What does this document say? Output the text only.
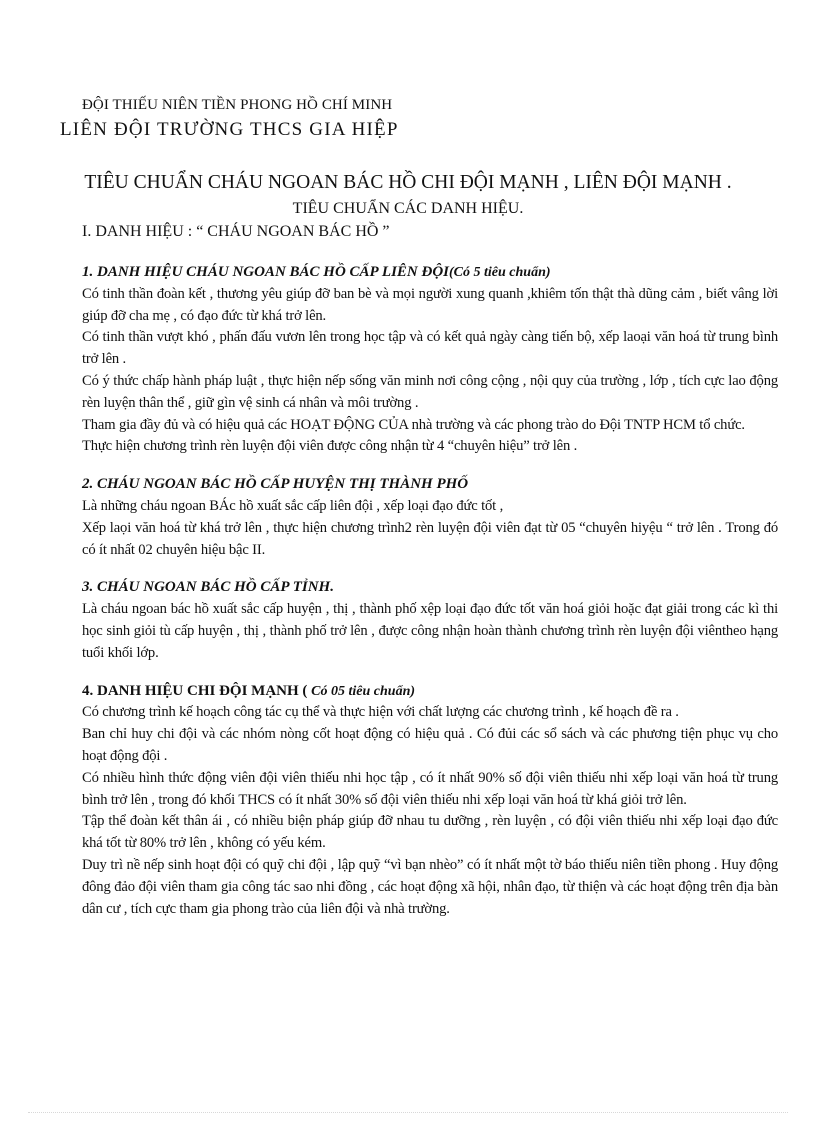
ĐỘI THIẾU NIÊN TIỀN PHONG HỒ CHÍ MINH
LIÊN ĐỘI TRƯỜNG THCS GIA HIỆP
TIÊU CHUẨN CHÁU NGOAN BÁC HỒ CHI ĐỘI MẠNH , LIÊN ĐỘI MẠNH .
TIÊU CHUẨN CÁC DANH HIỆU.
I. DANH HIỆU : “ CHÁU NGOAN BÁC HỒ ”

1. DANH HIỆU CHÁU NGOAN BÁC HỒ CẤP LIÊN ĐỘI(Có 5 tiêu chuẩn)

Có tinh thần đoàn kết , thương yêu giúp đỡ ban bè và mọi người xung quanh ,khiêm tốn thật thà dũng cảm , biết vâng lời giúp đỡ cha mẹ , có đạo đức từ khá trở lên.

Có tinh thần vượt khó , phấn đấu vươn lên trong học tập và có kết quả ngày càng tiến bộ, xếp laoại văn hoá từ trung bình trở lên .

Có ý thức chấp hành pháp luật , thực hiện nếp sống văn minh nơi công cộng , nội quy của trường , lớp , tích cực lao động rèn luyện thân thể , giữ gìn vệ sinh cá nhân và môi trường .

Tham gia đầy đủ và có hiệu quả các HOẠT ĐỘNG CỦA nhà trường và các phong trào do Đội TNTP HCM tổ chức.

Thực hiện chương trình rèn luyện đội viên được công nhận từ 4 “chuyên hiệu” trở lên .

2. CHÁU NGOAN BÁC HỒ CẤP HUYỆN THỊ THÀNH PHỐ

Là những cháu ngoan BÁc hồ xuất sắc cấp liên đội , xếp loại đạo đức tốt ,

Xếp laọi văn hoá từ khá trở lên , thực hiện chương trình2 rèn luyện đội viên đạt từ 05 “chuyên hiyệu “ trở lên . Trong đó có ít nhất 02 chuyên hiệu bậc II.

3. CHÁU NGOAN BÁC HỒ CẤP TỈNH.

Là cháu ngoan bác hồ xuất sắc cấp huyện , thị , thành phố xệp loại đạo đức tốt văn hoá giỏi hoặc đạt giải trong các kì thi học sinh giỏi tù cấp huyện , thị , thành phố trở lên , được công nhận hoàn thành chương trình rèn luyện đội viêntheo hạng tuổi khối lớp.

4. DANH HIỆU CHI ĐỘI MẠNH ( Có 05 tiêu chuẩn)

Có chương trình kế hoạch công tác cụ thể và thực hiện với chất lượng các chương trình , kế hoạch đề ra .

Ban chỉ huy chi đội và các nhóm nòng cốt hoạt động có hiệu quả . Có đủi các sổ sách và các phương tiện phục vụ cho hoạt động đội .

Có nhiều hình thức động viên đội viên thiếu nhi học tập , có ít nhất 90% số đội viên thiếu nhi xếp loại văn hoá từ trung bình trở lên , trong đó khối THCS có ít nhất 30% số đội viên thiếu nhi xếp loại văn hoá từ khá giỏi trở lên.

Tập thể đoàn kết thân ái , có nhiều biện pháp giúp đỡ nhau tu dưỡng , rèn luyện , có đội viên thiếu nhi xếp loại đạo đức khá tốt từ 80% trở lên , không có yếu kém.

Duy trì nề nếp sinh hoạt đội có quỹ chi đội , lập quỹ “vì bạn nhèo” có ít nhất một tờ báo thiếu niên tiền phong . Huy động đông đảo đội viên tham gia công tác sao nhi đồng , các hoạt động xã hội, nhân đạo, từ thiện và các hoạt động trên địa bàn dân cư , tích cực tham gia phong trào của liên đội và nhà trường.
